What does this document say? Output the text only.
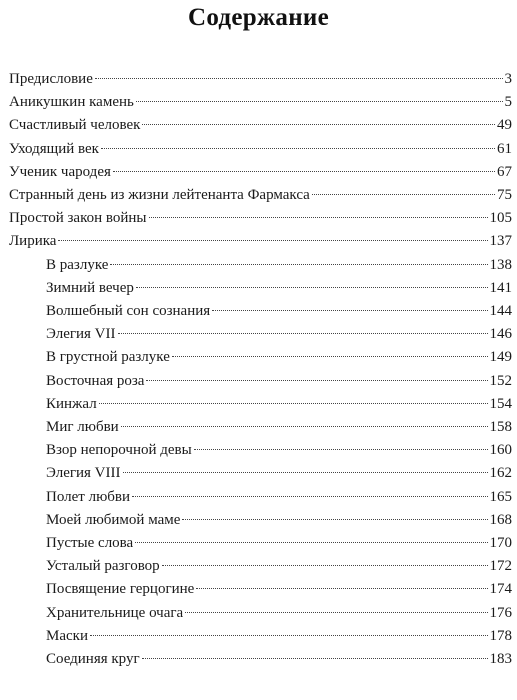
Содержание
Предисловие	3
Аникушкин камень	5
Счастливый человек	49
Уходящий век	61
Ученик чародея	67
Странный день из жизни лейтенанта Фармакса	75
Простой закон войны	105
Лирика	137
В разлуке	138
Зимний вечер	141
Волшебный сон сознания	144
Элегия VII	146
В грустной разлуке	149
Восточная роза	152
Кинжал	154
Миг любви	158
Взор непорочной девы	160
Элегия VIII	162
Полет любви	165
Моей любимой маме	168
Пустые слова	170
Усталый разговор	172
Посвящение герцогине	174
Хранительнице очага	176
Маски	178
Соединяя круг	183
